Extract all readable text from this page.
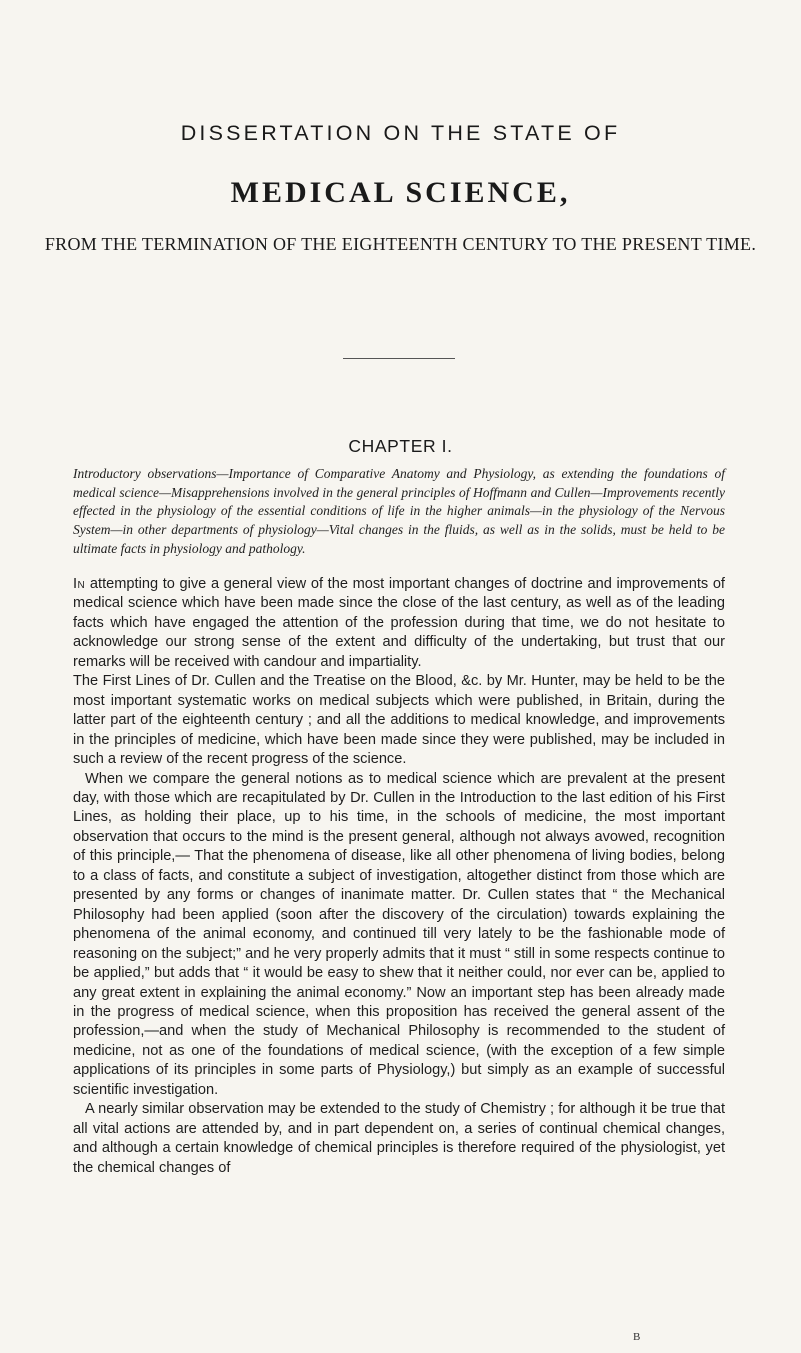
DISSERTATION ON THE STATE OF
MEDICAL SCIENCE,
FROM THE TERMINATION OF THE EIGHTEENTH CENTURY TO THE PRESENT TIME.
CHAPTER I.
Introductory observations—Importance of Comparative Anatomy and Physiology, as extending the foundations of medical science—Misapprehensions involved in the general principles of Hoffmann and Cullen—Improvements recently effected in the physiology of the essential conditions of life in the higher animals—in the physiology of the Nervous System—in other departments of physiology—Vital changes in the fluids, as well as in the solids, must be held to be ultimate facts in physiology and pathology.

In attempting to give a general view of the most important changes of doctrine and improvements of medical science which have been made since the close of the last century, as well as of the leading facts which have engaged the attention of the profession during that time, we do not hesitate to acknowledge our strong sense of the extent and difficulty of the undertaking, but trust that our remarks will be received with candour and impartiality.

The First Lines of Dr. Cullen and the Treatise on the Blood, &c. by Mr. Hunter, may be held to be the most important systematic works on medical subjects which were published, in Britain, during the latter part of the eighteenth century ; and all the additions to medical knowledge, and improvements in the principles of medicine, which have been made since they were published, may be included in such a review of the recent progress of the science.

When we compare the general notions as to medical science which are prevalent at the present day, with those which are recapitulated by Dr. Cullen in the Introduction to the last edition of his First Lines, as holding their place, up to his time, in the schools of medicine, the most important observation that occurs to the mind is the present general, although not always avowed, recognition of this principle,— That the phenomena of disease, like all other phenomena of living bodies, belong to a class of facts, and constitute a subject of investigation, altogether distinct from those which are presented by any forms or changes of inanimate matter. Dr. Cullen states that “ the Mechanical Philosophy had been applied (soon after the discovery of the circulation) towards explaining the phenomena of the animal economy, and continued till very lately to be the fashionable mode of reasoning on the subject;” and he very properly admits that it must “ still in some respects continue to be applied,” but adds that “ it would be easy to shew that it neither could, nor ever can be, applied to any great extent in explaining the animal economy.” Now an important step has been already made in the progress of medical science, when this proposition has received the general assent of the profession,—and when the study of Mechanical Philosophy is recommended to the student of medicine, not as one of the foundations of medical science, (with the exception of a few simple applications of its principles in some parts of Physiology,) but simply as an example of successful scientific investigation.

A nearly similar observation may be extended to the study of Chemistry ; for although it be true that all vital actions are attended by, and in part dependent on, a series of continual chemical changes, and although a certain knowledge of chemical principles is therefore required of the physiologist, yet the chemical changes of

B
